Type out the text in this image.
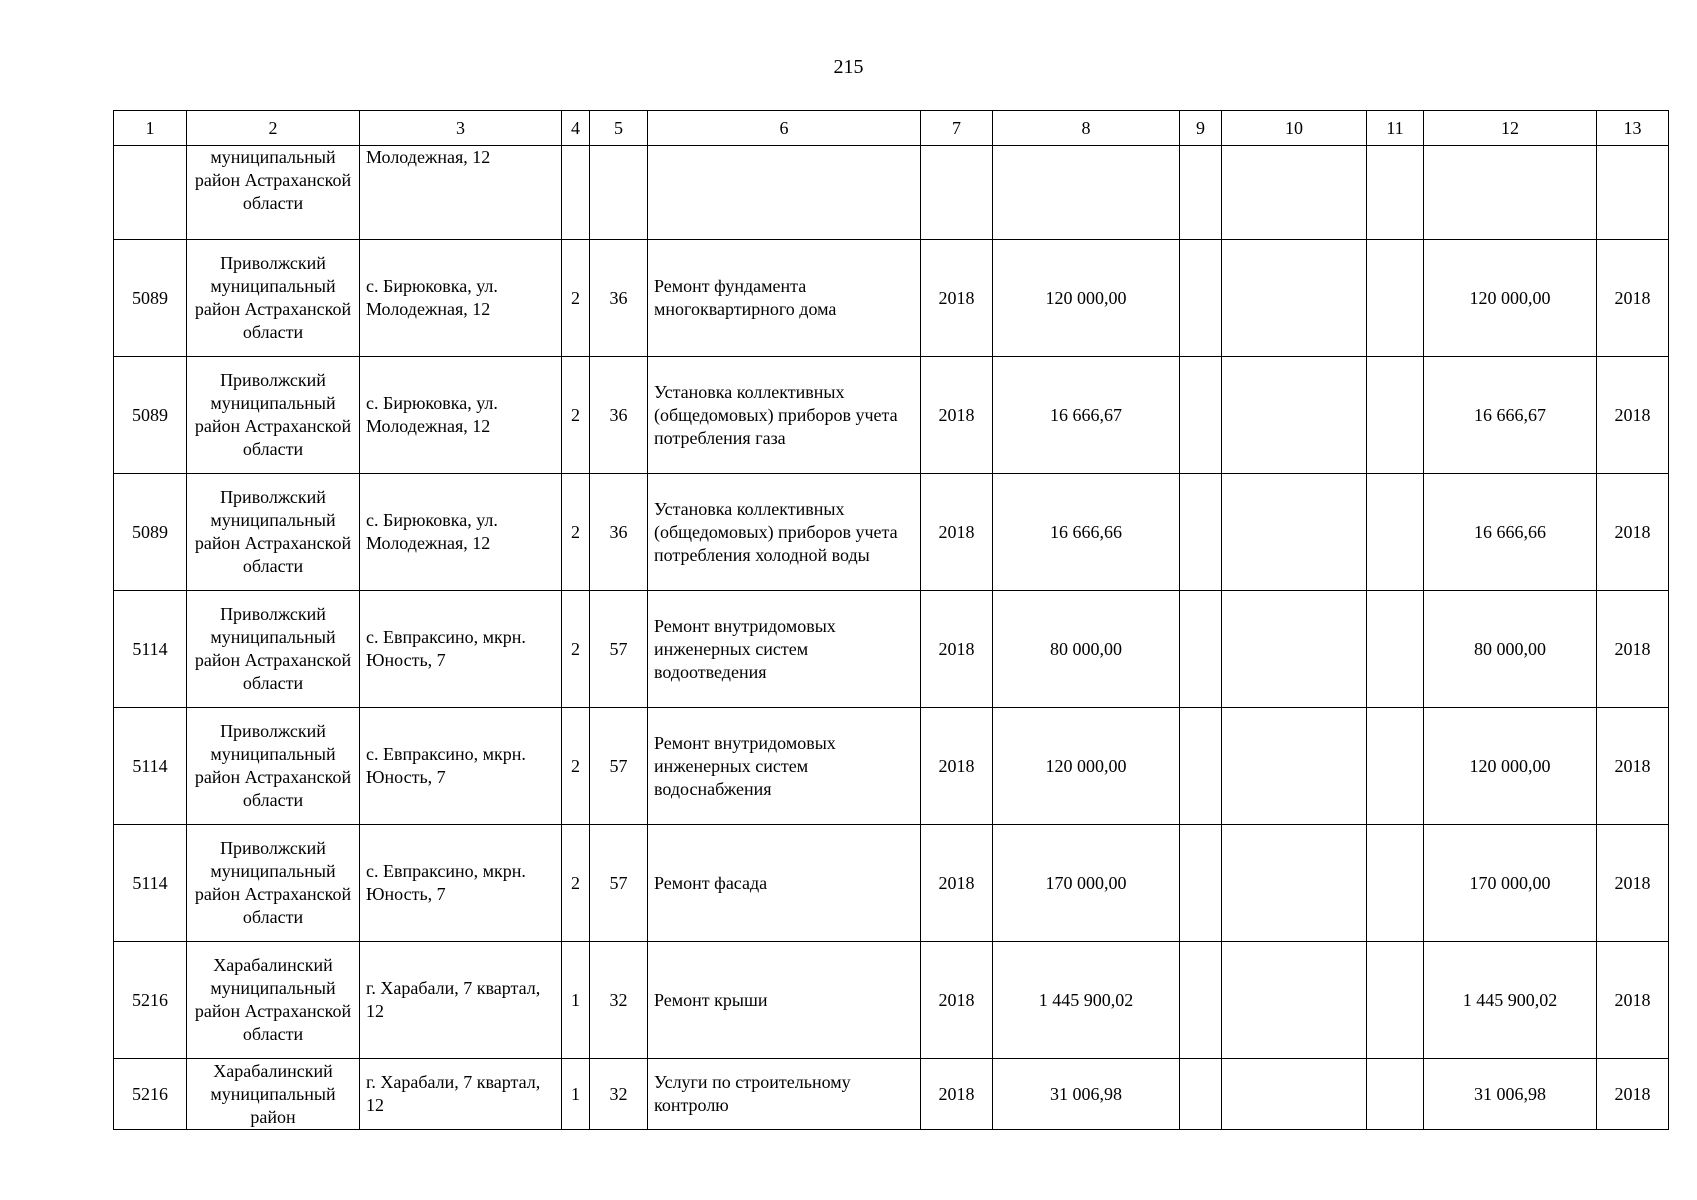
215
1	2	3	4	5	6	7	8	9	10	11	12	13
	муниципальный район Астраханской области	Молодежная, 12										
5089	Приволжский муниципальный район Астраханской области	с. Бирюковка, ул. Молодежная, 12	2	36	Ремонт фундамента многоквартирного дома	2018	120 000,00				120 000,00	2018
5089	Приволжский муниципальный район Астраханской области	с. Бирюковка, ул. Молодежная, 12	2	36	Установка коллективных (общедомовых) приборов учета потребления газа	2018	16 666,67				16 666,67	2018
5089	Приволжский муниципальный район Астраханской области	с. Бирюковка, ул. Молодежная, 12	2	36	Установка коллективных (общедомовых) приборов учета потребления холодной воды	2018	16 666,66				16 666,66	2018
5114	Приволжский муниципальный район Астраханской области	с. Евпраксино, мкрн. Юность, 7	2	57	Ремонт внутридомовых инженерных систем водоотведения	2018	80 000,00				80 000,00	2018
5114	Приволжский муниципальный район Астраханской области	с. Евпраксино, мкрн. Юность, 7	2	57	Ремонт внутридомовых инженерных систем водоснабжения	2018	120 000,00				120 000,00	2018
5114	Приволжский муниципальный район Астраханской области	с. Евпраксино, мкрн. Юность, 7	2	57	Ремонт фасада	2018	170 000,00				170 000,00	2018
5216	Харабалинский муниципальный район Астраханской области	г. Харабали, 7 квартал, 12	1	32	Ремонт крыши	2018	1 445 900,02				1 445 900,02	2018
5216	Харабалинский муниципальный район	г. Харабали, 7 квартал, 12	1	32	Услуги по строительному контролю	2018	31 006,98				31 006,98	2018
